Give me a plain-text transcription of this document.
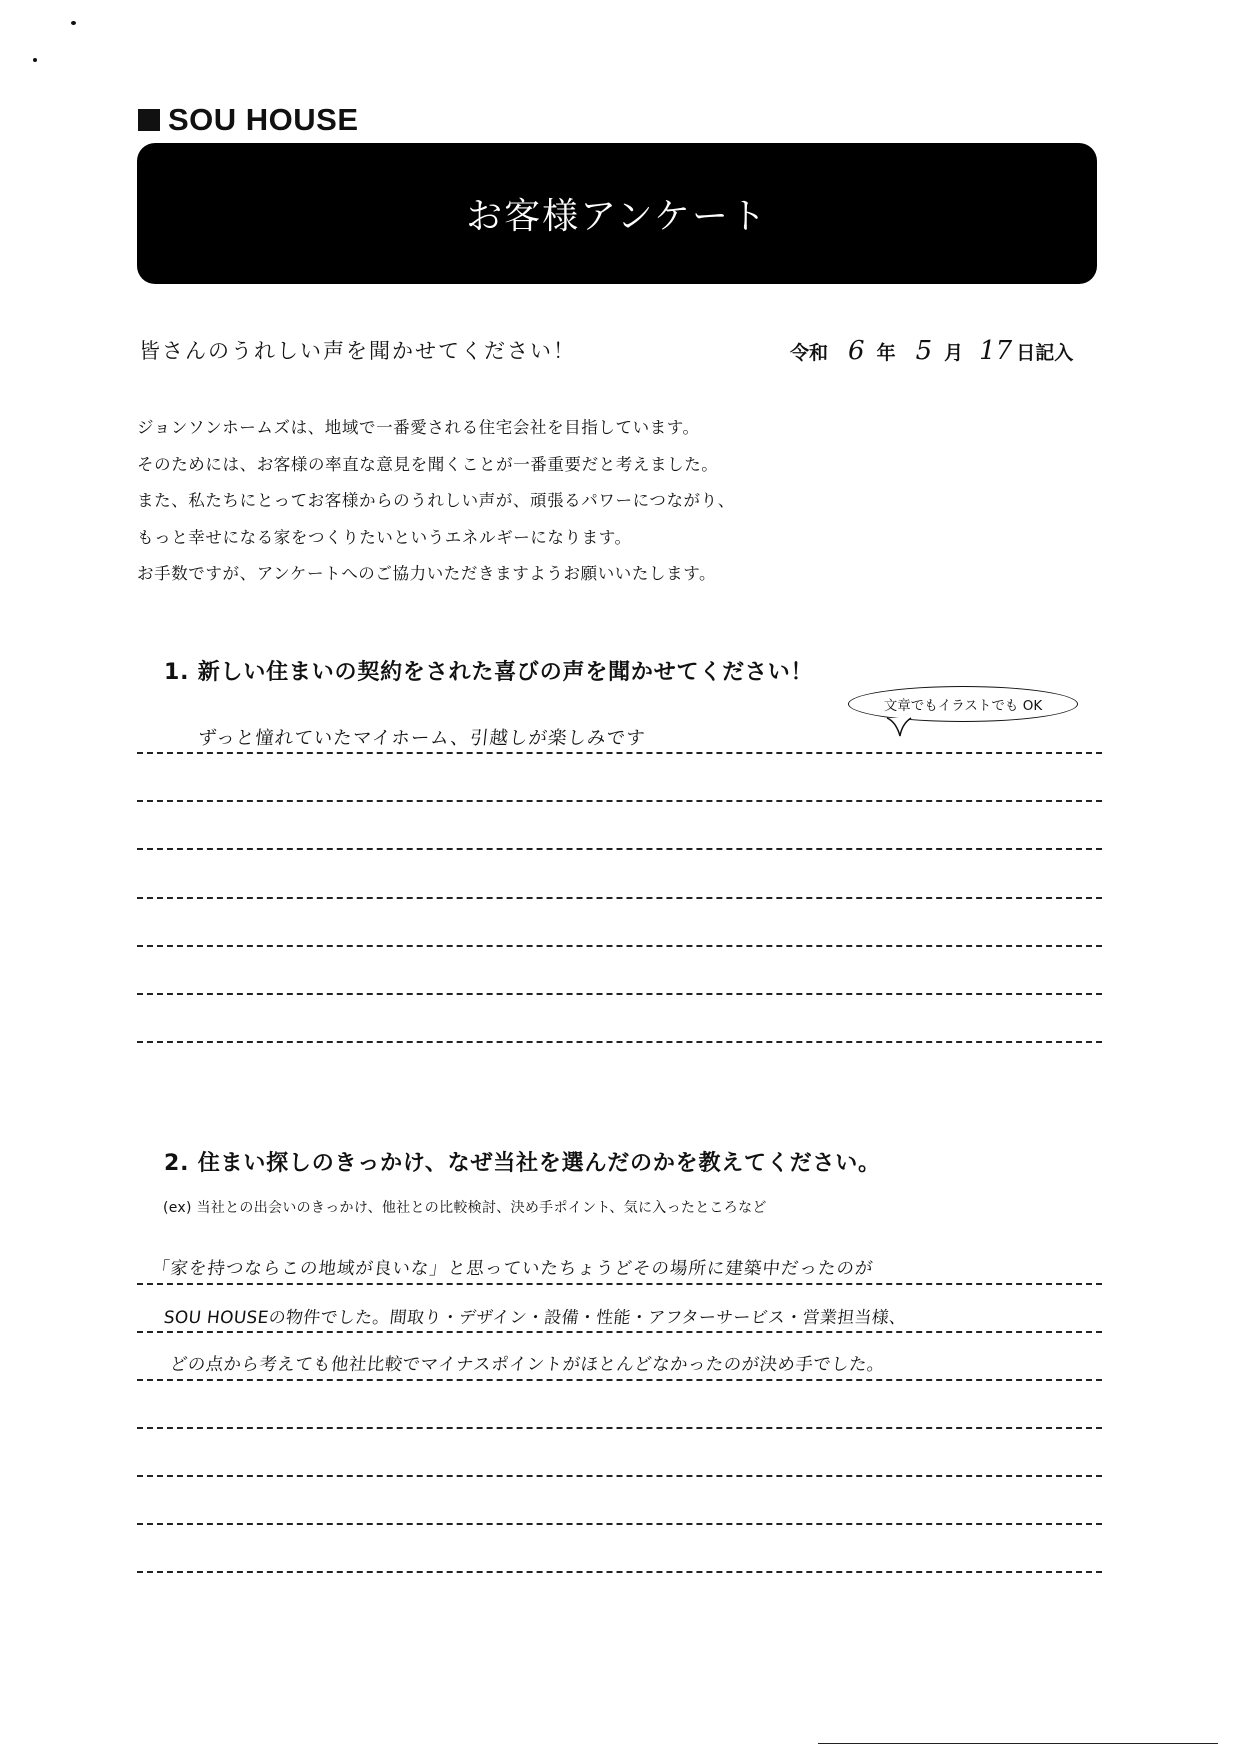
SOU HOUSE
お客様アンケート
皆さんのうれしい声を聞かせてください！	令和 6 年 5 月 17 日記入

ジョンソンホームズは、地域で一番愛される住宅会社を目指しています。

そのためには、お客様の率直な意見を聞くことが一番重要だと考えました。

また、私たちにとってお客様からのうれしい声が、頑張るパワーにつながり、

もっと幸せになる家をつくりたいというエネルギーになります。

お手数ですが、アンケートへのご協力いただきますようお願いいたします。

1. 新しい住まいの契約をされた喜びの声を聞かせてください！
文章でもイラストでも OK
ずっと憧れていたマイホーム、引越しが楽しみです
2. 住まい探しのきっかけ、なぜ当社を選んだのかを教えてください。
(ex) 当社との出会いのきっかけ、他社との比較検討、決め手ポイント、気に入ったところなど
「家を持つならこの地域が良いな」と思っていたちょうどその場所に建築中だったのが
SOU HOUSEの物件でした。間取り・デザイン・設備・性能・アフターサービス・営業担当様、
どの点から考えても他社比較でマイナスポイントがほとんどなかったのが決め手でした。
